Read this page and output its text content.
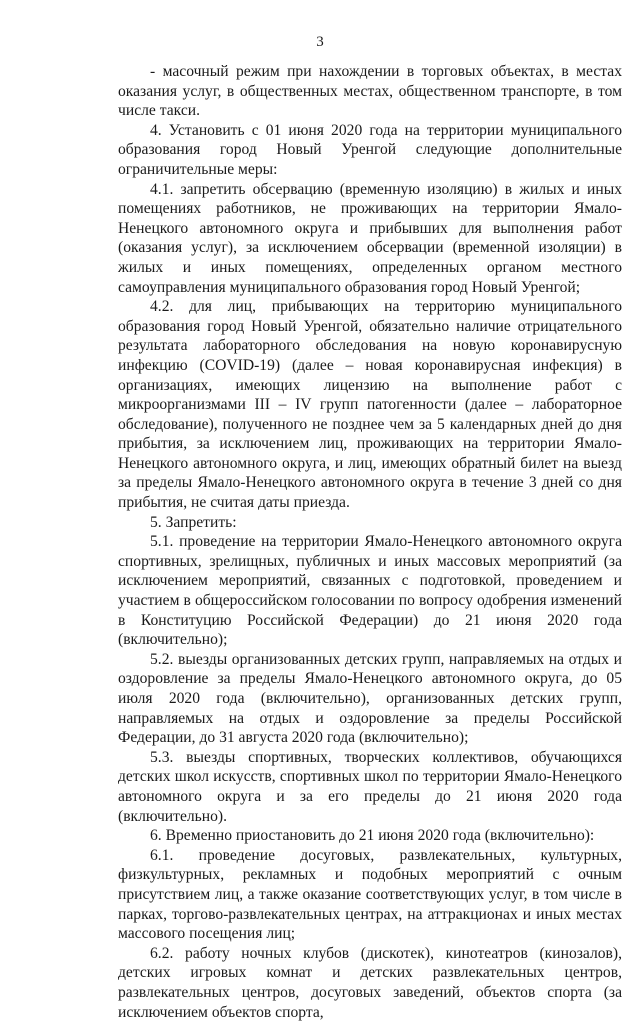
3

- масочный режим при нахождении в торговых объектах, в местах оказания услуг, в общественных местах, общественном транспорте, в том числе такси.

4. Установить с 01 июня 2020 года на территории муниципального образования город Новый Уренгой следующие дополнительные ограничительные меры:

4.1. запретить обсервацию (временную изоляцию) в жилых и иных помещениях работников, не проживающих на территории Ямало-Ненецкого автономного округа и прибывших для выполнения работ (оказания услуг), за исключением обсервации (временной изоляции) в жилых и иных помещениях, определенных органом местного самоуправления муниципального образования город Новый Уренгой;

4.2. для лиц, прибывающих на территорию муниципального образования город Новый Уренгой, обязательно наличие отрицательного результата лабораторного обследования на новую коронавирусную инфекцию (COVID-19) (далее – новая коронавирусная инфекция) в организациях, имеющих лицензию на выполнение работ с микроорганизмами III – IV групп патогенности (далее – лабораторное обследование), полученного не позднее чем за 5 календарных дней до дня прибытия, за исключением лиц, проживающих на территории Ямало-Ненецкого автономного округа, и лиц, имеющих обратный билет на выезд за пределы Ямало-Ненецкого автономного округа в течение 3 дней со дня прибытия, не считая даты приезда.

5. Запретить:

5.1. проведение на территории Ямало-Ненецкого автономного округа спортивных, зрелищных, публичных и иных массовых мероприятий (за исключением мероприятий, связанных с подготовкой, проведением и участием в общероссийском голосовании по вопросу одобрения изменений в Конституцию Российской Федерации) до 21 июня 2020 года (включительно);

5.2. выезды организованных детских групп, направляемых на отдых и оздоровление за пределы Ямало-Ненецкого автономного округа, до 05 июля 2020 года (включительно), организованных детских групп, направляемых на отдых и оздоровление за пределы Российской Федерации, до 31 августа 2020 года (включительно);

5.3. выезды спортивных, творческих коллективов, обучающихся детских школ искусств, спортивных школ по территории Ямало-Ненецкого автономного округа и за его пределы до 21 июня 2020 года (включительно).

6. Временно приостановить до 21 июня 2020 года (включительно):

6.1. проведение досуговых, развлекательных, культурных, физкультурных, рекламных и подобных мероприятий с очным присутствием лиц, а также оказание соответствующих услуг, в том числе в парках, торгово-развлекательных центрах, на аттракционах и иных местах массового посещения лиц;

6.2. работу ночных клубов (дискотек), кинотеатров (кинозалов), детских игровых комнат и детских развлекательных центров, развлекательных центров, досуговых заведений, объектов спорта (за исключением объектов спорта,
